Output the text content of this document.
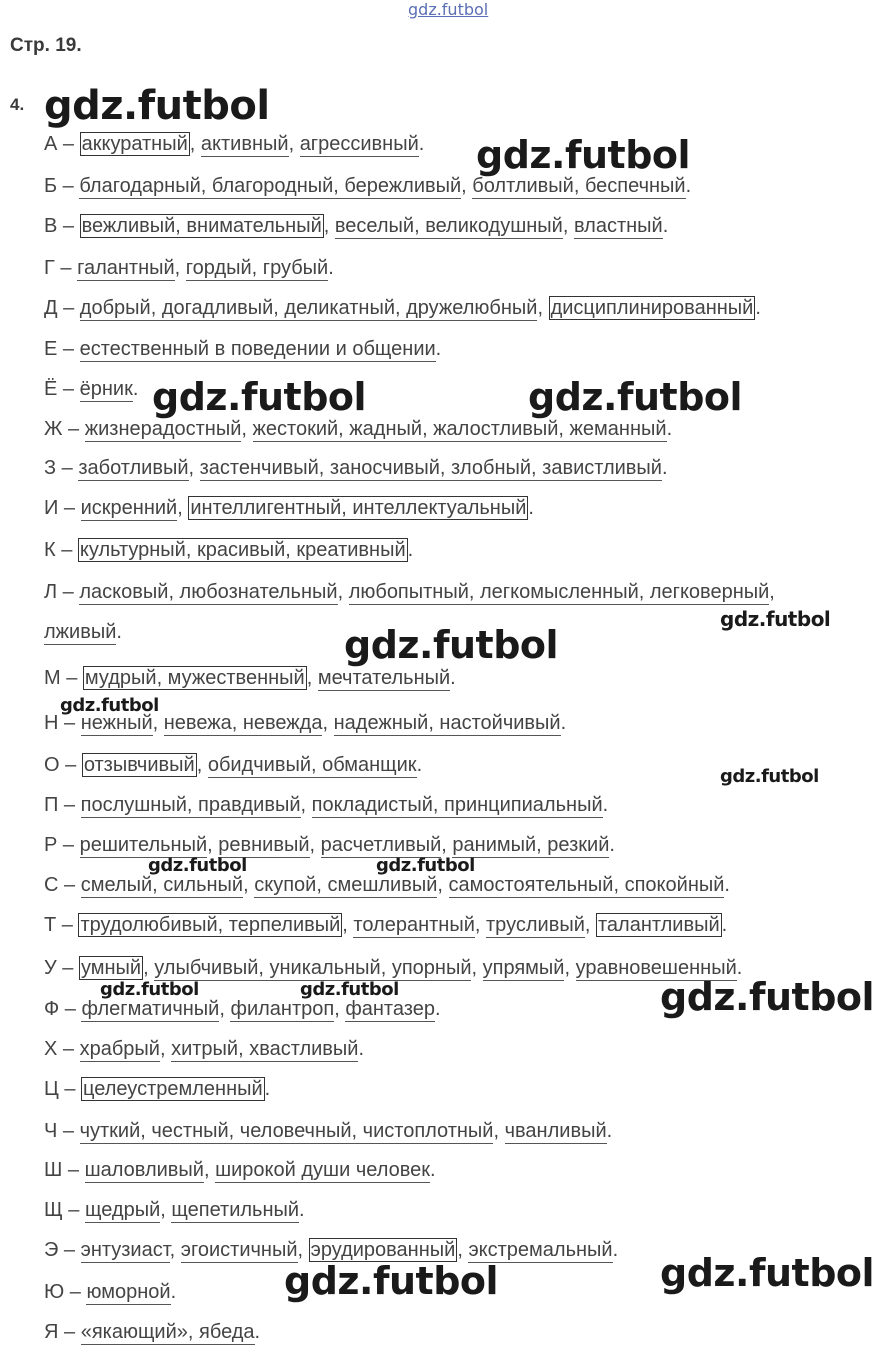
gdz.futbol
Стр. 19.
4.
А – аккуратный , активный, агрессивный.
Б – благодарный, благородный, бережливый, болтливый, беспечный.
В – вежливый, внимательный , веселый, великодушный, властный.
Г – галантный, гордый, грубый.
Д – добрый, догадливый, деликатный, дружелюбный, дисциплинированный .
Е – естественный в поведении и общении.
Ё – ёрник.
Ж – жизнерадостный, жестокий, жадный, жалостливый, жеманный.
З – заботливый, застенчивый, заносчивый, злобный, завистливый.
И – искренний, интеллигентный, интеллектуальный .
К – культурный, красивый, креативный .
Л – ласковый, любознательный, любопытный, легкомысленный, легковерный,
лживый.
М – мудрый, мужественный , мечтательный.
Н – нежный, невежа, невежда, надежный, настойчивый.
О – отзывчивый , обидчивый, обманщик.
П – послушный, правдивый, покладистый, принципиальный.
Р – решительный, ревнивый, расчетливый, ранимый, резкий.
С – смелый, сильный, скупой, смешливый, самостоятельный, спокойный.
Т – трудолюбивый, терпеливый , толерантный, трусливый, талантливый .
У – умный , улыбчивый, уникальный, упорный, упрямый, уравновешенный.
Ф – флегматичный, филантроп, фантазер.
Х – храбрый, хитрый, хвастливый.
Ц – целеустремленный .
Ч – чуткий, честный, человечный, чистоплотный, чванливый.
Ш – шаловливый, широкой души человек.
Щ – щедрый, щепетильный.
Э – энтузиаст, эгоистичный, эрудированный , экстремальный.
Ю – юморной.
Я – «якающий», ябеда.
gdz.futbol
gdz.futbol
gdz.futbol	gdz.futbol
gdz.futbol
gdz.futbol
gdz.futbol
gdz.futbol
gdz.futbol	gdz.futbol
gdz.futbol	gdz.futbol	gdz.futbol
gdz.futbol	gdz.futbol
